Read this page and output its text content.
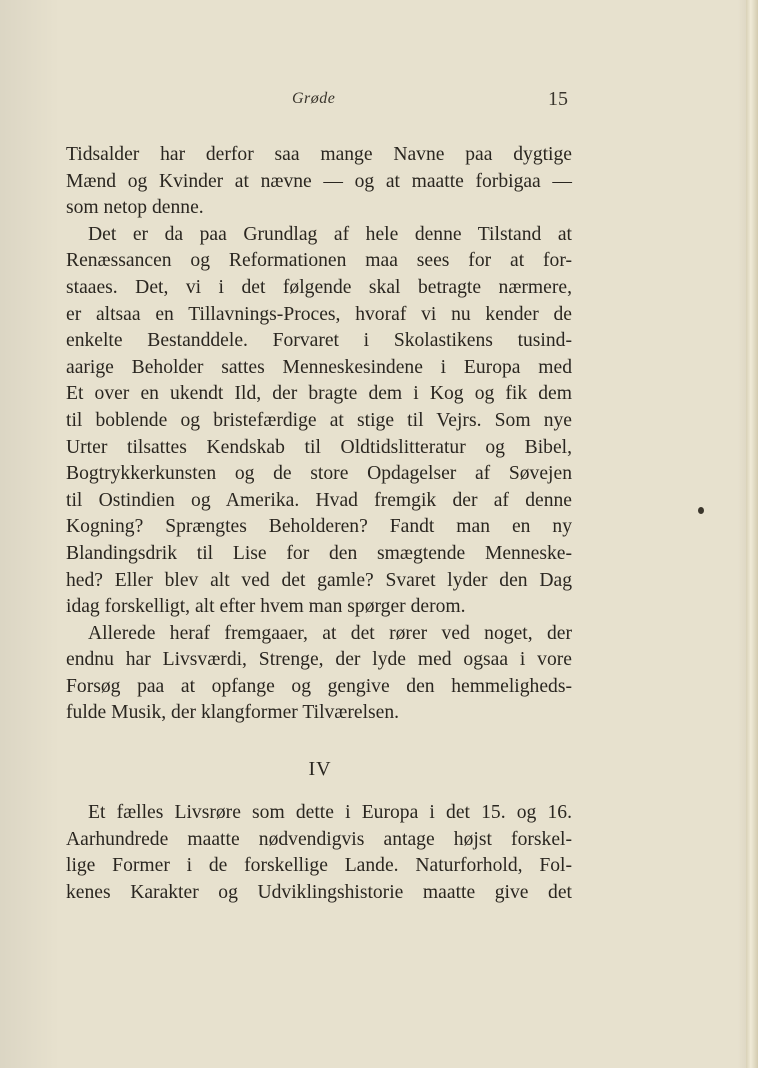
Grøde	15
Tidsalder har derfor saa mange Navne paa dygtige
Mænd og Kvinder at nævne — og at maatte forbigaa —
som netop denne.
Det er da paa Grundlag af hele denne Tilstand at
Renæssancen og Reformationen maa sees for at for-
staaes. Det, vi i det følgende skal betragte nærmere,
er altsaa en Tillavnings-Proces, hvoraf vi nu kender de
enkelte Bestanddele. Forvaret i Skolastikens tusind-
aarige Beholder sattes Menneskesindene i Europa med
Et over en ukendt Ild, der bragte dem i Kog og fik dem
til boblende og bristefærdige at stige til Vejrs. Som nye
Urter tilsattes Kendskab til Oldtidslitteratur og Bibel,
Bogtrykkerkunsten og de store Opdagelser af Søvejen
til Ostindien og Amerika. Hvad fremgik der af denne
Kogning? Sprængtes Beholderen? Fandt man en ny
Blandingsdrik til Lise for den smægtende Menneske-
hed? Eller blev alt ved det gamle? Svaret lyder den Dag
idag forskelligt, alt efter hvem man spørger derom.
Allerede heraf fremgaaer, at det rører ved noget, der
endnu har Livsværdi, Strenge, der lyde med ogsaa i vore
Forsøg paa at opfange og gengive den hemmeligheds-
fulde Musik, der klangformer Tilværelsen.
IV
Et fælles Livsrøre som dette i Europa i det 15. og 16.
Aarhundrede maatte nødvendigvis antage højst forskel-
lige Former i de forskellige Lande. Naturforhold, Fol-
kenes Karakter og Udviklingshistorie maatte give det
